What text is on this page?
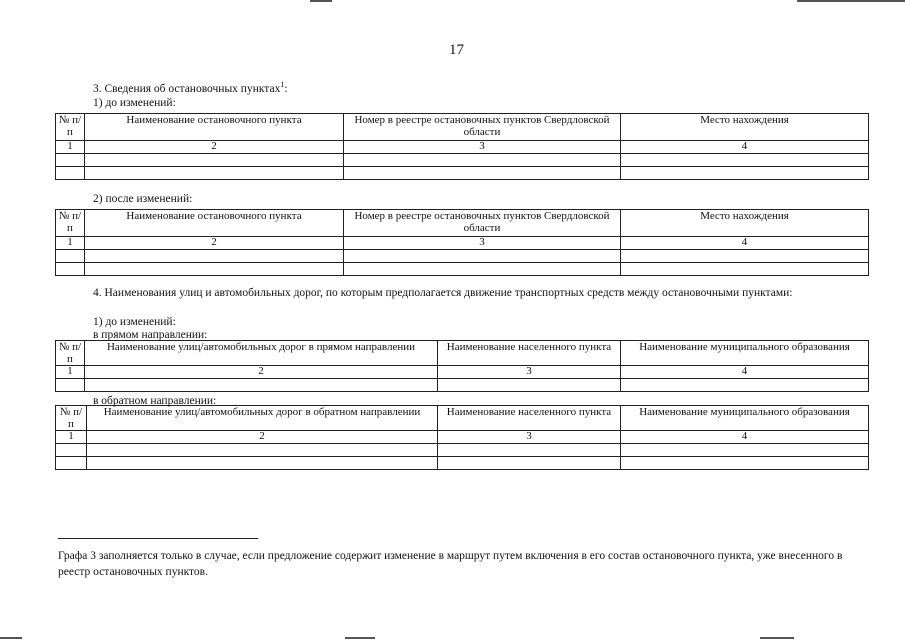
17
3. Сведения об остановочных пунктах$^1$:
1) до изменений:
№ п/п	Наименование остановочного пункта	Номер в реестре остановочных пунктов Свердловской области	Место нахождения
1	2	3	4

2) после изменений:
№ п/п	Наименование остановочного пункта	Номер в реестре остановочных пунктов Свердловской области	Место нахождения
1	2	3	4

4. Наименования улиц и автомобильных дорог, по которым предполагается движение транспортных средств между остановочными пунктами:
1) до изменений:
в прямом направлении:
№ п/п	Наименование улиц/автомобильных дорог в прямом направлении	Наименование населенного пункта	Наименование муниципального образования
1	2	3	4

в обратном направлении:
№ п/п	Наименование улиц/автомобильных дорог в обратном направлении	Наименование населенного пункта	Наименование муниципального образования
1	2	3	4

Графа 3 заполняется только в случае, если предложение содержит изменение в маршрут путем включения в его состав остановочного пункта, уже внесенного в реестр остановочных пунктов.
